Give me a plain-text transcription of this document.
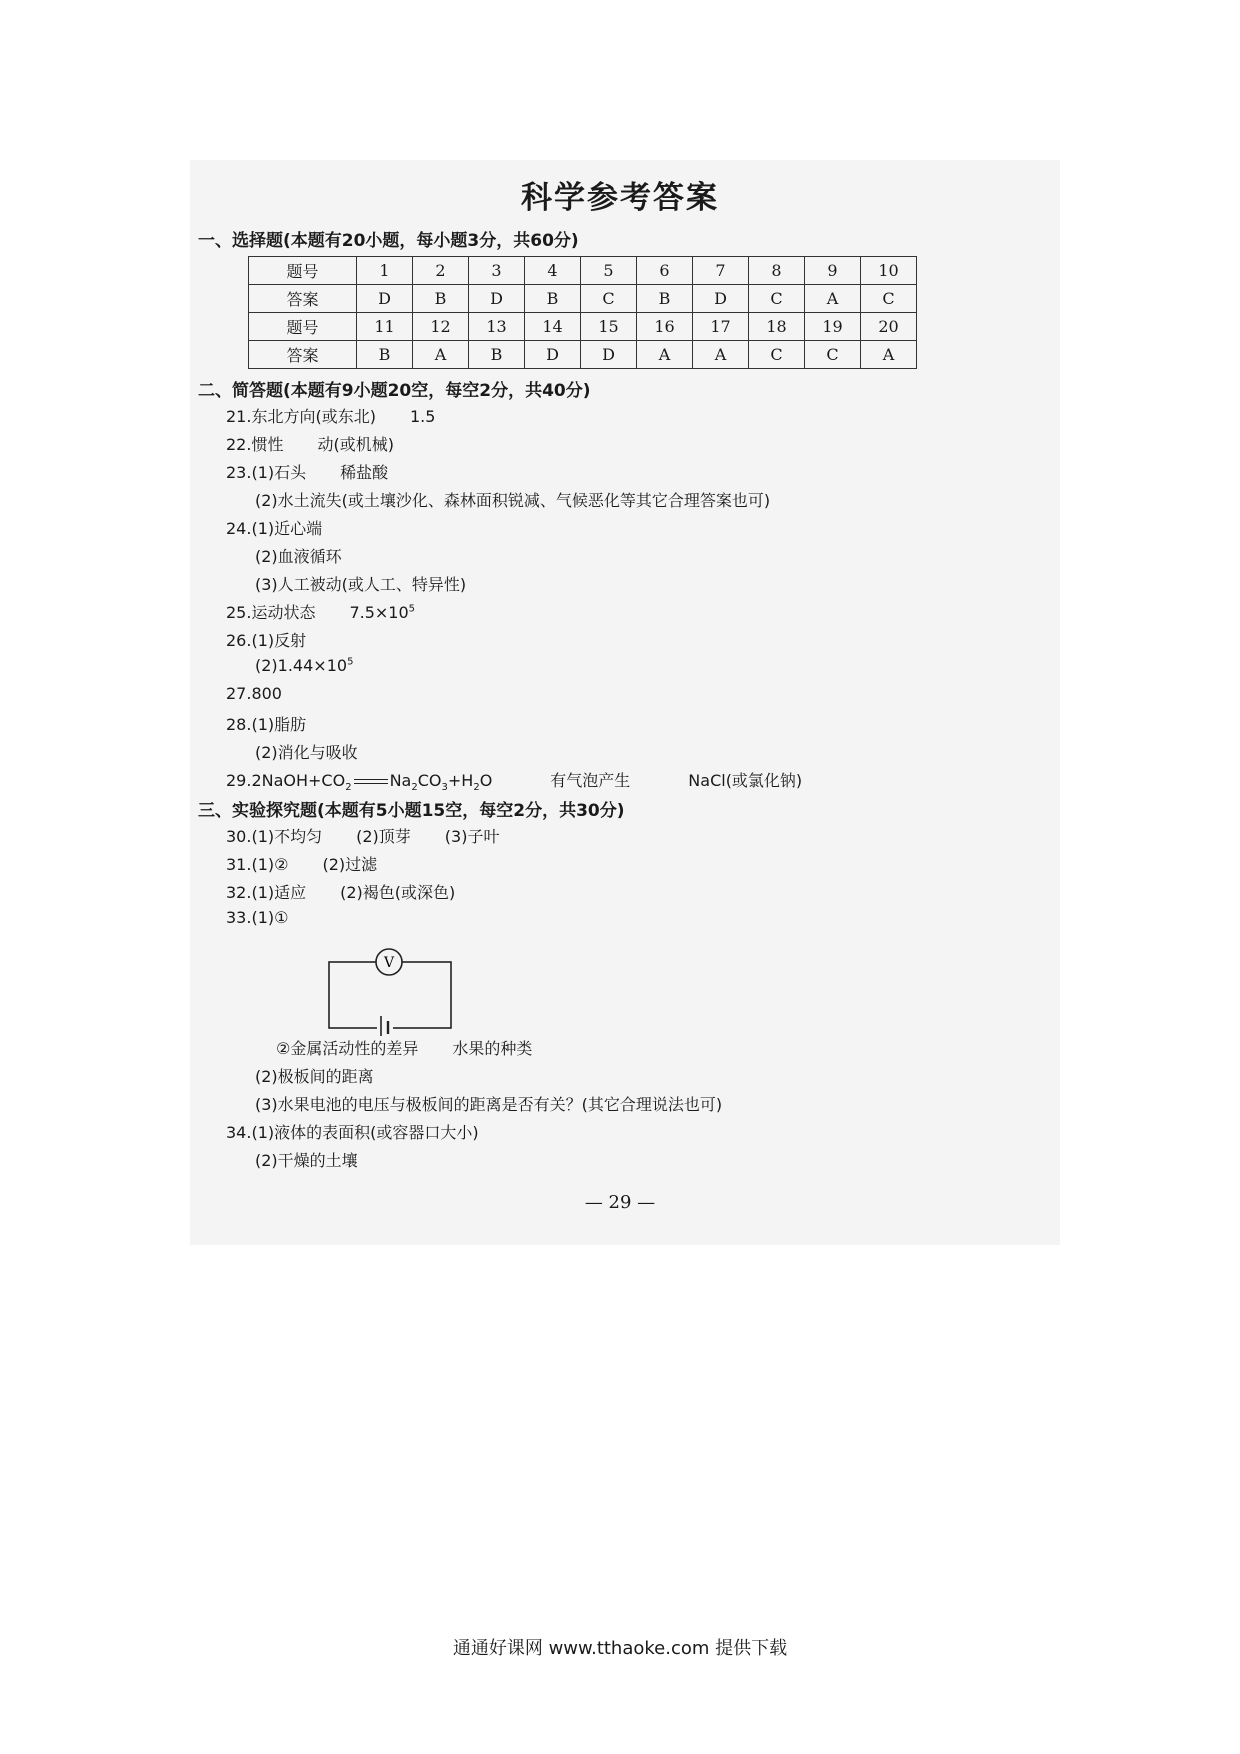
科学参考答案
一、选择题(本题有20小题，每小题3分，共60分)
题号	1	2	3	4	5	6	7	8	9	10
答案	D	B	D	B	C	B	D	C	A	C
题号	11	12	13	14	15	16	17	18	19	20
答案	B	A	B	D	D	A	A	C	C	A
二、简答题(本题有9小题20空，每空2分，共40分)
21.东北方向(或东北) 1.5
22.惯性 动(或机械)
23.(1)石头 稀盐酸
(2)水土流失(或土壤沙化、森林面积锐减、气候恶化等其它合理答案也可)
24.(1)近心端
(2)血液循环
(3)人工被动(或人工、特异性)
25.运动状态 $7.5\times 10^5$
26.(1)反射
$(2)1.44\times 10^5$
27.800
28.(1)脂肪
(2)消化与吸收
$29.2NaOH+CO_2$ $Na_2CO_3+H_2O$	有气泡产生	NaCl(或氯化钠)
三、实验探究题(本题有5小题15空，每空2分，共30分)
30.(1)不均匀 (2)顶芽 (3)子叶
31.(1)② (2)过滤
32.(1)适应 (2)褐色(或深色)
33.(1)①
V
②金属活动性的差异 水果的种类
(2)极板间的距离
(3)水果电池的电压与极板间的距离是否有关？(其它合理说法也可)
34.(1)液体的表面积(或容器口大小)
(2)干燥的土壤
— 29 —
通通好课网 www.tthaoke.com 提供下载
